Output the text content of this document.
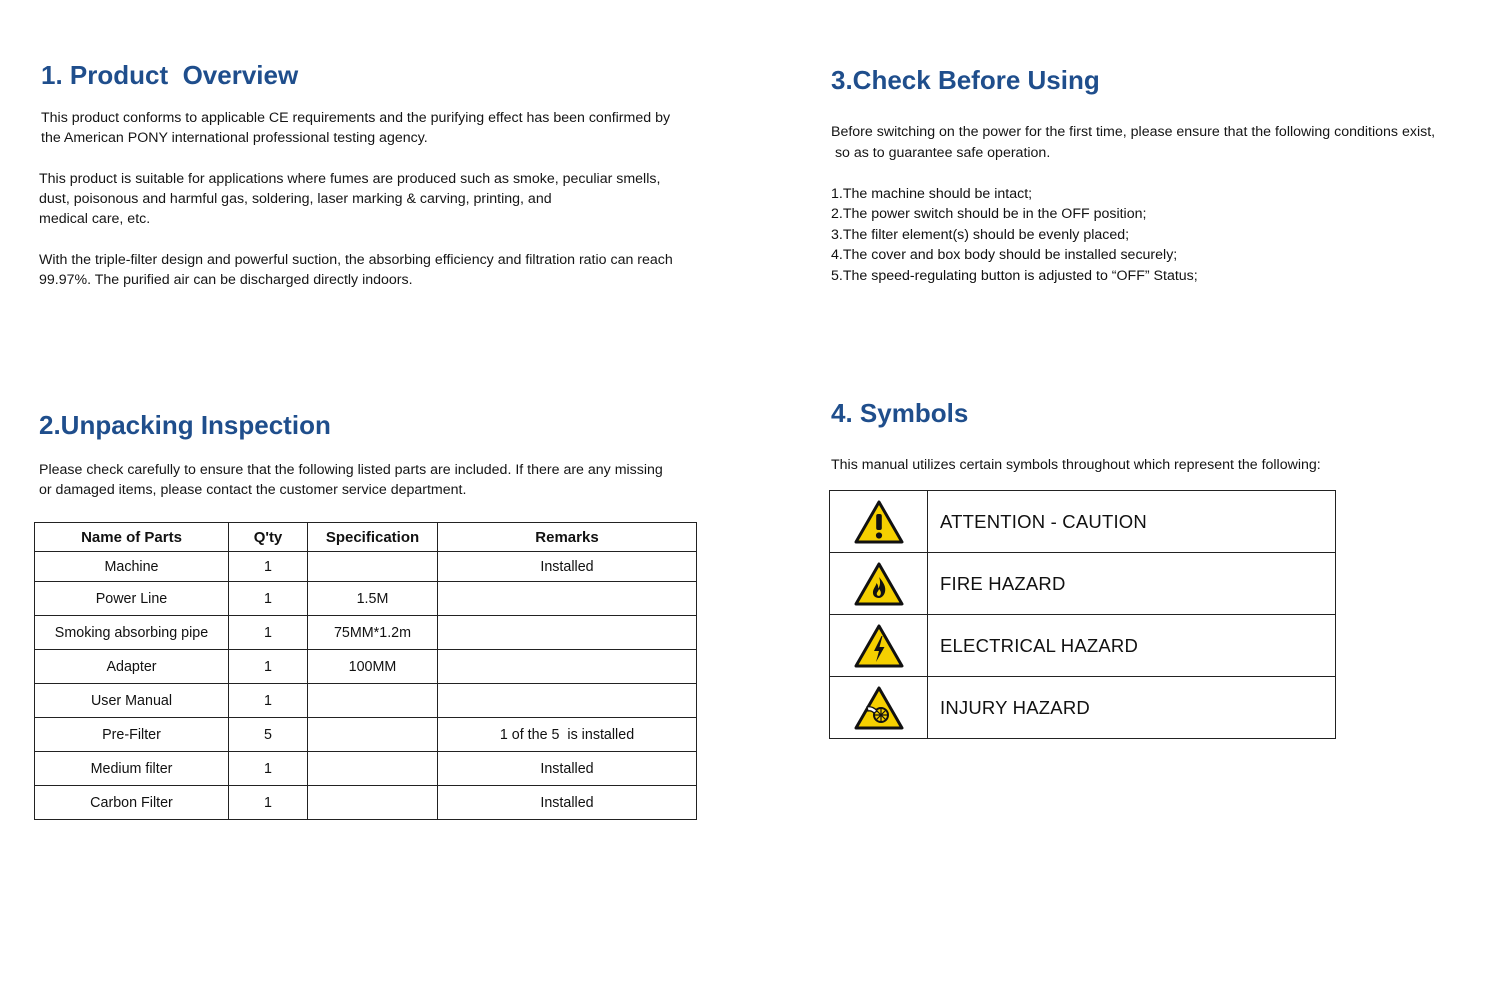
1. Product  Overview

This product conforms to applicable CE requirements and the purifying effect has been confirmed by
the American PONY international professional testing agency.

This product is suitable for applications where fumes are produced such as smoke, peculiar smells,
dust, poisonous and harmful gas, soldering, laser marking & carving, printing, and
medical care, etc.

With the triple-filter design and powerful suction, the absorbing efficiency and filtration ratio can reach
99.97%. The purified air can be discharged directly indoors.

2.Unpacking Inspection

Please check carefully to ensure that the following listed parts are included. If there are any missing
or damaged items, please contact the customer service department.

Name of Parts	Q'ty	Specification	Remarks
Machine	1		Installed
Power Line	1	1.5M	
Smoking absorbing pipe	1	75MM*1.2m	
Adapter	1	100MM	
User Manual	1		
Pre-Filter	5		1 of the 5  is installed
Medium filter	1		Installed
Carbon Filter	1		Installed
3.Check Before Using

Before switching on the power for the first time, please ensure that the following conditions exist,
so as to guarantee safe operation.

1.The machine should be intact;
2.The power switch should be in the OFF position;
3.The filter element(s) should be evenly placed;
4.The cover and box body should be installed securely;
5.The speed-regulating button is adjusted to “OFF” Status;
4. Symbols

This manual utilizes certain symbols throughout which represent the following:

	ATTENTION - CAUTION

	FIRE HAZARD

	ELECTRICAL HAZARD

	INJURY HAZARD
